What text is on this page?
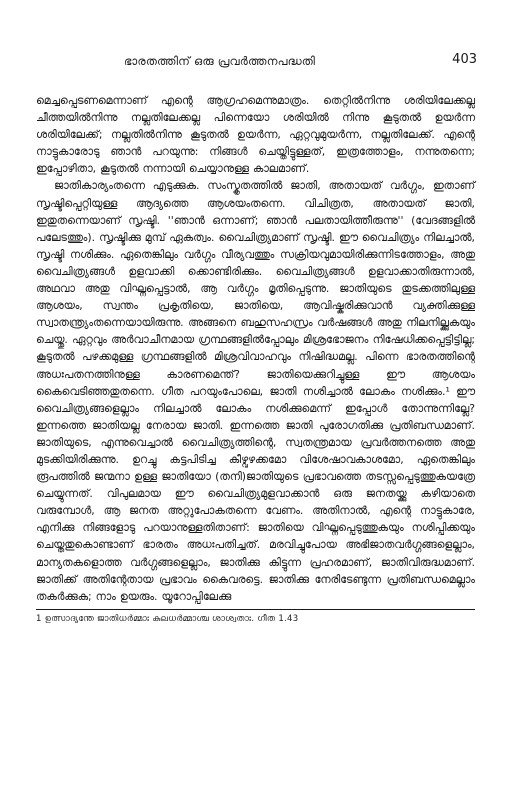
ഭാരതത്തിന് ഒരു പ്രവർത്തനപദ്ധതി	403

മെച്ചപ്പെടണമെന്നാണ് എന്റെ ആഗ്രഹമെന്നുമാത്രം. തെറ്റിൽനിന്നു ശരിയിലേക്കല്ല ചീത്തയിൽനിന്നു നല്ലതിലേക്കല്ല പിന്നെയോ ശരിയിൽ നിന്നു കൂടുതൽ ഉയർന്ന ശരിയിലേക്ക്; നല്ലതിൽനിന്നു കൂടുതൽ ഉയർന്ന, ഏറ്റവുമുയർന്ന, നല്ലതിലേക്ക്. എന്റെ നാട്ടുകാരോടു ഞാൻ പറയുന്നു: നിങ്ങൾ ചെയ്തിട്ടുള്ളത്, ഇത്രത്തോളം, നന്നുതന്നെ; ഇപ്പോഴിതാ, കൂടുതൽ നന്നായി ചെയ്യാനുള്ള കാലമാണ്.

ജാതികാര്യംതന്നെ എടുക്കുക. സംസ്കൃതത്തിൽ ജാതി, അതായത് വർഗ്ഗം, ഇതാണ് സൃഷ്ടിപ്പെറ്റിയുള്ള ആദ്യത്തെ ആശയംതന്നെ. വിചിത്രത, അതായത് ജാതി, ഇതുതന്നെയാണ് സൃഷ്ടി. ''ഞാൻ ഒന്നാണ്; ഞാൻ പലതായിത്തീരുന്നു'' (വേദങ്ങളിൽ പലേടത്തും). സൃഷ്ടിക്കു മുമ്പ് ഏകത്വം. വൈചിത്ര്യമാണ് സൃഷ്ടി. ഈ വൈചിത്ര്യം നിലച്ചാൽ, സൃഷ്ടി നശിക്കും. ഏതെങ്കിലും വർഗ്ഗം വീര്യവത്തും സക്രിയവുമായിരിക്കുന്നിടത്തോളം, അതു വൈചിത്ര്യങ്ങൾ ഉളവാക്കി ക്കൊണ്ടിരിക്കും. വൈചിത്ര്യങ്ങൾ ഉളവാക്കാതിരുന്നാൽ, അഥവാ അതു വിഘ്നപ്പെട്ടാൽ, ആ വർഗ്ഗം മൃതിപ്പെടുന്നു. ജാതിയുടെ തുടക്കത്തിലുള്ള ആശയം, സ്വന്തം പ്രകൃതിയെ, ജാതിയെ, ആവിഷ്കരിക്കുവാൻ വ്യക്തിക്കുള്ള സ്വാതന്ത്ര്യംതന്നെയായിരുന്നു. അങ്ങനെ ബഹുസഹസ്രം വർഷങ്ങൾ അതു നിലനില്ക്കുകയും ചെയ്തു. ഏറ്റവും അർവാചീനമായ ഗ്രന്ഥങ്ങളിൽപ്പോലും മിശ്രഭോജനം നിഷേധിക്കപ്പെട്ടിട്ടില്ല; കൂടുതൽ പഴക്കമുള്ള ഗ്രന്ഥങ്ങളിൽ മിശ്രവിവാഹവും നിഷിദ്ധമല്ല. പിന്നെ ഭാരതത്തിന്റെ അധഃപതനത്തിനുള്ള കാരണമെന്ത്? ജാതിയെക്കുറിച്ചുള്ള ഈ ആശയം കൈവെടിഞ്ഞതുതന്നെ. ഗീത പറയുംപോലെ, ജാതി നശിച്ചാൽ ലോകം നശിക്കും.¹ ഈ വൈചിത്ര്യങ്ങളെല്ലാം നിലച്ചാൽ ലോകം നശിക്കുമെന്ന് ഇപ്പോൾ തോന്നുന്നില്ലേ? ഇന്നത്തെ ജാതിയല്ല നേരായ ജാതി. ഇന്നത്തെ ജാതി പുരോഗതിക്കു പ്രതിബന്ധമാണ്. ജാതിയുടെ, എന്നുവെച്ചാൽ വൈചിത്ര്യത്തിന്റെ, സ്വതന്ത്രമായ പ്രവർത്തനത്തെ അതു മുടക്കിയിരിക്കുന്നു. ഉറച്ചു കട്ടപിടിച്ച കീഴ്വഴക്കമോ വിശേഷാവകാശമോ, ഏതെങ്കിലും രൂപത്തിൽ ജന്മനാ ഉള്ള ജാതിയോ (തനി)ജാതിയുടെ പ്രഭാവത്തെ തടസ്സപ്പെടുത്തുകയത്രേ ചെയ്യുന്നത്. വിപുലമായ ഈ വൈചിത്ര്യമുളവാക്കാൻ ഒരു ജനതയ്ക്കു കഴിയാതെ വരുമ്പോൾ, ആ ജനത അറ്റുപോകതന്നെ വേണം. അതിനാൽ, എന്റെ നാട്ടുകാരേ, എനിക്കു നിങ്ങളോടു പറയാനുള്ളതിതാണ്: ജാതിയെ വിഘ്നപ്പെടുത്തുകയും നശിപ്പിക്കയും ചെയ്തതുകൊണ്ടാണ് ഭാരതം അധഃപതിച്ചത്. മരവിച്ചുപോയ അഭിജാതവർഗ്ഗങ്ങളെല്ലാം, മാന്യതകളൊത്ത വർഗ്ഗങ്ങളെല്ലാം, ജാതിക്കു കിട്ടുന്ന പ്രഹരമാണ്, ജാതിവിരുദ്ധമാണ്. ജാതിക്ക് അതിന്റേതായ പ്രഭാവം കൈവരട്ടെ. ജാതിക്കു നേരിടേണ്ടുന്ന പ്രതിബന്ധമെല്ലാം തകർക്കുക; നാം ഉയരും. യൂറോപ്പിലേക്കു

1 ഉത്സാദ്യന്തേ ജാതിധർമ്മാഃ കുലധർമ്മാശ്ച ശാശ്വതാഃ. ഗീത 1.43
